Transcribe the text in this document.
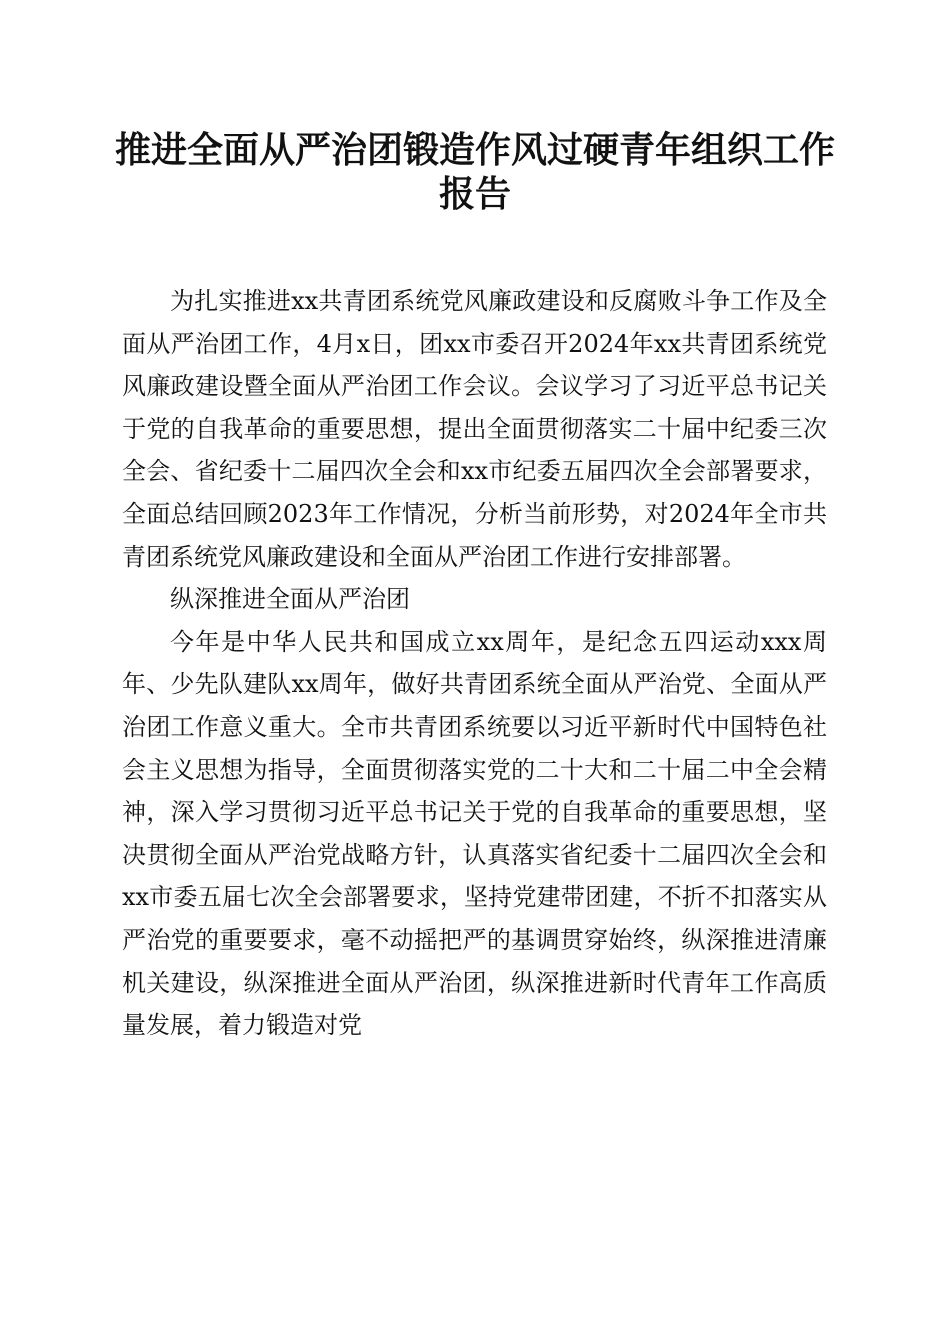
推进全面从严治团锻造作风过硬青年组织工作
报告

为扎实推进xx共青团系统党风廉政建设和反腐败斗争工作及全面从严治团工作，4月x日，团xx市委召开2024年xx共青团系统党风廉政建设暨全面从严治团工作会议。会议学习了习近平总书记关于党的自我革命的重要思想，提出全面贯彻落实二十届中纪委三次全会、省纪委十二届四次全会和xx市纪委五届四次全会部署要求，全面总结回顾2023年工作情况，分析当前形势，对2024年全市共青团系统党风廉政建设和全面从严治团工作进行安排部署。

纵深推进全面从严治团

今年是中华人民共和国成立xx周年，是纪念五四运动xxx周年、少先队建队xx周年，做好共青团系统全面从严治党、全面从严治团工作意义重大。全市共青团系统要以习近平新时代中国特色社会主义思想为指导，全面贯彻落实党的二十大和二十届二中全会精神，深入学习贯彻习近平总书记关于党的自我革命的重要思想，坚决贯彻全面从严治党战略方针，认真落实省纪委十二届四次全会和xx市委五届七次全会部署要求，坚持党建带团建，不折不扣落实从严治党的重要要求，毫不动摇把严的基调贯穿始终，纵深推进清廉机关建设，纵深推进全面从严治团，纵深推进新时代青年工作高质量发展，着力锻造对党
